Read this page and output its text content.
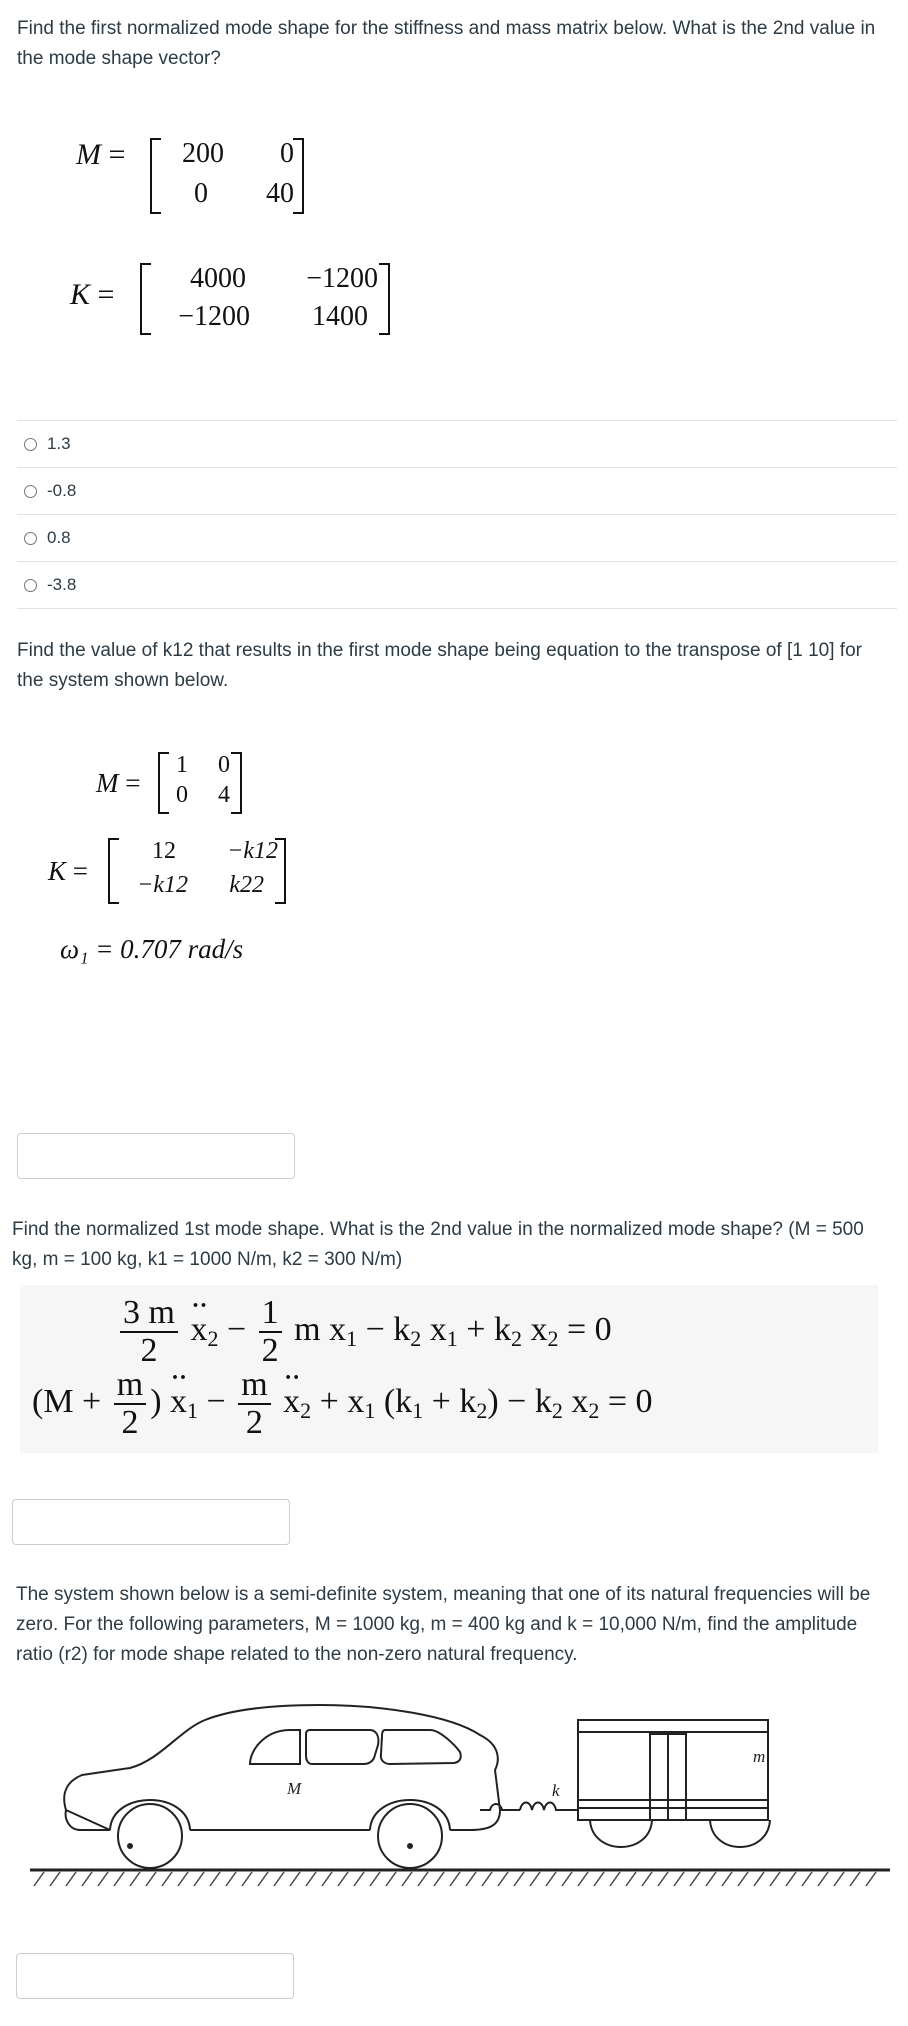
Find the first normalized mode shape for the stiffness and mass matrix below. What is the 2nd value in the mode shape vector?
M =	200	0
0	40
K =	4000	−1200
−1200	1400
1.3
-0.8
0.8
-3.8
Find the value of k12 that results in the first mode shape being equation to the transpose of [1 10] for the system shown below.
M =
1	0
0	4
K =
12	−k12
−k12	k22
ω₁ = 0.707 rad/s
Find the normalized 1st mode shape. What is the 2nd value in the normalized mode shape? (M = 500 kg, m = 100 kg, k1 = 1000 N/m, k2 = 300 N/m)
$\frac{3 m}{2} \cdot\cdot x_2 - \frac{1}{2}$ m $x_1 - k_2$ $x_1 + k_2$ $x_2 = 0$
($M + \frac{m}{2}$ ) ·· $x_1 - \frac{m}{2} \cdot\cdot x_2 + x_1$ $(k_1 + k_2) - k_2$ $x_2 = 0$
The system shown below is a semi-definite system, meaning that one of its natural frequencies will be zero. For the following parameters, M = 1000 kg, m = 400 kg and k = 10,000 N/m, find the amplitude ratio (r2) for mode shape related to the non-zero natural frequency.
M	k
m
